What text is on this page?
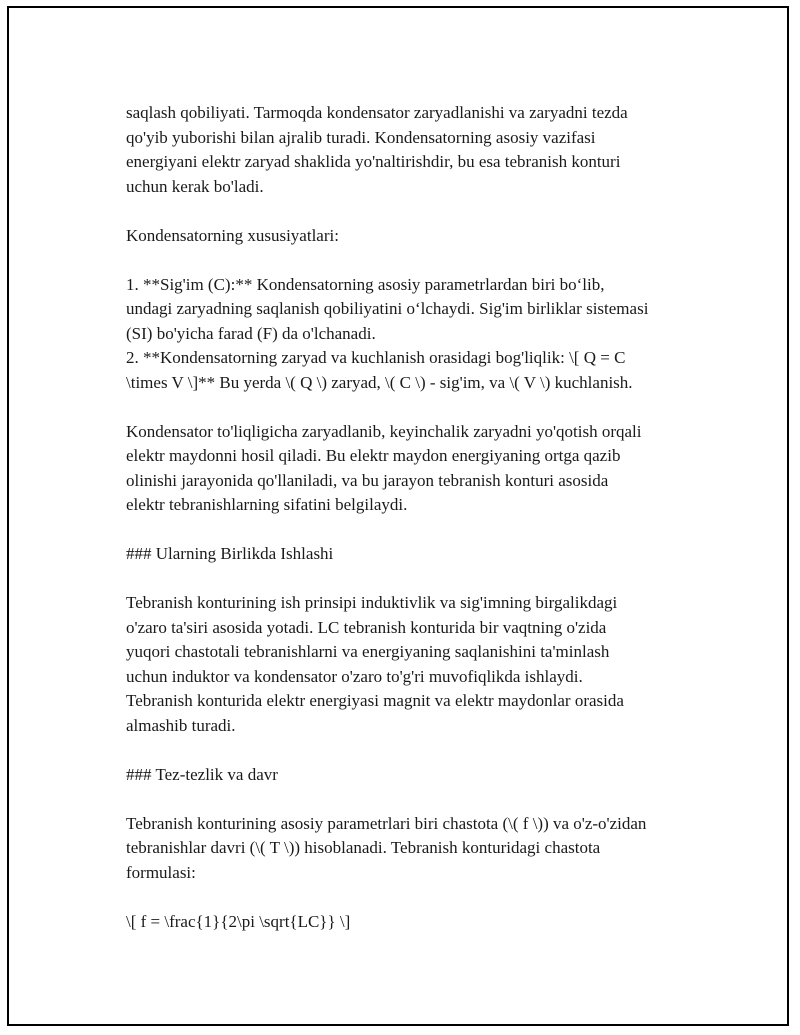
saqlash qobiliyati. Tarmoqda kondensator zaryadlanishi va zaryadni tezda
qo'yib yuborishi bilan ajralib turadi. Kondensatorning asosiy vazifasi
energiyani elektr zaryad shaklida yo'naltirishdir, bu esa tebranish konturi
uchun kerak bo'ladi.

Kondensatorning xususiyatlari:

1. **Sig'im (C):** Kondensatorning asosiy parametrlardan biri bo‘lib,
undagi zaryadning saqlanish qobiliyatini o‘lchaydi. Sig'im birliklar sistemasi
(SI) bo'yicha farad (F) da o'lchanadi.
2. **Kondensatorning zaryad va kuchlanish orasidagi bog'liqlik: \[ Q = C
\times V \]** Bu yerda \( Q \) zaryad, \( C \) - sig'im, va \( V \) kuchlanish.

Kondensator to'liqligicha zaryadlanib, keyinchalik zaryadni yo'qotish orqali
elektr maydonni hosil qiladi. Bu elektr maydon energiyaning ortga qazib
olinishi jarayonida qo'llaniladi, va bu jarayon tebranish konturi asosida
elektr tebranishlarning sifatini belgilaydi.

### Ularning Birlikda Ishlashi

Tebranish konturining ish prinsipi induktivlik va sig'imning birgalikdagi
o'zaro ta'siri asosida yotadi. LC tebranish konturida bir vaqtning o'zida
yuqori chastotali tebranishlarni va energiyaning saqlanishini ta'minlash
uchun induktor va kondensator o'zaro to'g'ri muvofiqlikda ishlaydi.
Tebranish konturida elektr energiyasi magnit va elektr maydonlar orasida
almashib turadi.

### Tez-tezlik va davr

Tebranish konturining asosiy parametrlari biri chastota (\( f \)) va o'z-o'zidan
tebranishlar davri (\( T \)) hisoblanadi. Tebranish konturidagi chastota
formulasi:

\[ f = \frac{1}{2\pi \sqrt{LC}} \]
